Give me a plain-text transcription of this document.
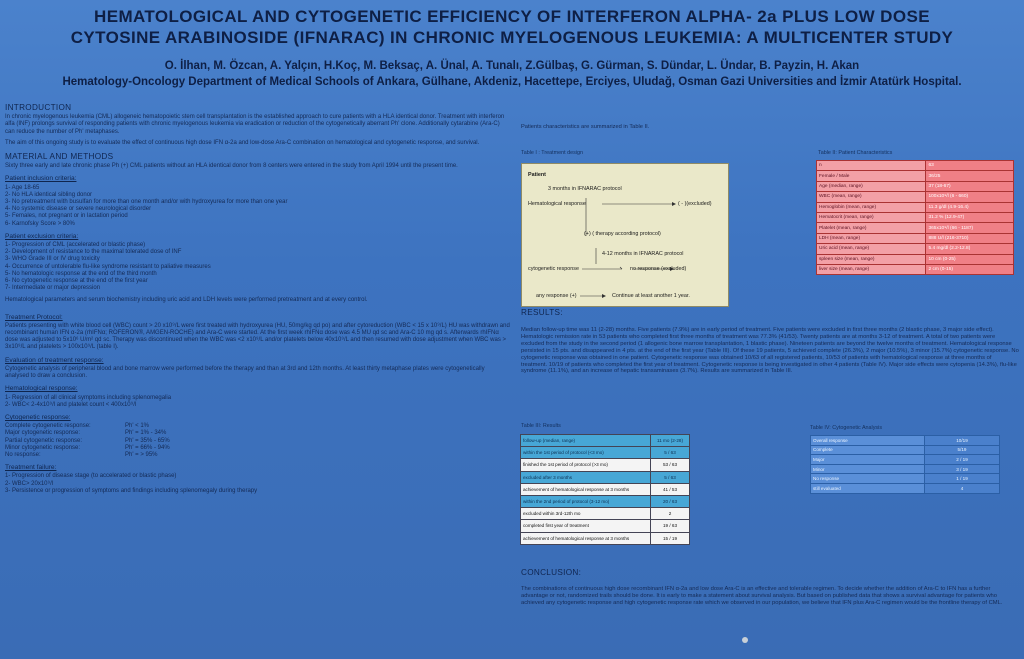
HEMATOLOGICAL AND CYTOGENETIC EFFICIENCY OF INTERFERON ALPHA- 2a PLUS LOW DOSE
CYTOSINE ARABINOSIDE (IFNARAC) IN CHRONIC MYELOGENOUS LEUKEMIA: A MULTICENTER STUDY
O. İlhan, M. Özcan, A. Yalçın, H.Koç, M. Beksaç, A. Ünal, A. Tunalı, Z.Gülbaş, G. Gürman, S. Dündar, L. Ündar, B. Payzin, H. Akan
Hematology-Oncology Department of Medical Schools of Ankara, Gülhane, Akdeniz, Hacettepe, Erciyes, Uludağ, Osman Gazi Universities and İzmir Atatürk Hospital.
INTRODUCTION
In chronic myelogenous leukemia (CML) allogeneic hematopoietic stem cell transplantation is the established approach to cure patients with a HLA identical donor. Treatment with interferon alfa (INF) prolongs survival of responding patients with chronic myelogenous leukemia via eradication or reduction of the cytogenetically aberrant Ph' clone. Additionally cytarabine (Ara-C) can reduce the number of Ph' metaphases.
The aim of this ongoing study is to evaluate the effect of continuous high dose IFN α-2a and low-dose Ara-C combination on hematological and cytogenetic response, and survival.
MATERIAL AND METHODS
Sixty three early and late chronic phase Ph (+) CML patients without an HLA identical donor from 8 centers were entered in the study from April 1994 until the present time.
Patient inclusion criteria:
1- Age 18-65
2- No HLA identical sibling donor
3- No pretreatment with busulfan for more than one month and/or with hydroxyurea for more than one year
4- No systemic disease or severe neurological disorder
5- Females, not pregnant or in lactation period
6- Karnofsky Score > 80%
Patient exclusion criteria:
1- Progression of CML (accelerated or blastic phase)
2- Development of resistance to the maximal tolerated dose of INF
3- WHO Grade III or IV drug toxicity
4- Occurrence of untolerable flu-like syndrome resistant to paliative measures
5- No hematologic response at the end of the third month
6- No cytogenetic response at the end of the first year
7- Intermediate or major depression
Hematological parameters and serum biochemistry including uric acid and LDH levels were performed pretreatment and at every control.
Treatment Protocol:
Patients presenting with white blood cell (WBC) count > 20 x10⁹/L were first treated with hydroxyurea (HU, 50mg/kg qd po) and after cytoreduction (WBC < 15 x 10⁹/L) HU was withdrawn and recombinant human IFN α-2a (rhIFNα; ROFERON®, AMGEN-ROCHE) and Ara-C were started. At the first week rhIFNα dose was 4.5 MU qd sc and Ara-C 10 mg qd s. Afterwards rhIFNα dose was adjusted to 5x10⁶ U/m² qd sc. Therapy was discontinued when the WBC was <2 x10⁹/L and/or platelets below 40x10⁹/L and then resumed with dose adjustment when WBC was > 3x10⁹/L and platelets > 100x10⁹/L (table I).
Evaluation of treatment response:
Cytogenetic analysis of peripheral blood and bone marrow were performed before the therapy and than at 3rd and 12th months. At least thirty metaphase plates were cytogenetically analysed to draw a conclusion.
Hematological response:
1- Regression of all clinical symptoms including splenomegalia
2- WBC< 2-4x10⁹/l and platelet count < 400x10⁹/l
Cytogenetic response:
Complete cytogenetic response:	Ph' < 1%
Major cytogenetic response:	Ph' = 1% - 34%
Partial cytogenetic response:	Ph' = 35% - 65%
Minor cytogenetic response:	Ph' = 66% - 94%
No response:	Ph' = > 95%
Treatment failure:
1- Progression of disease stage (to accelerated or blastic phase)
2- WBC> 20x10⁹/l
3- Persistence or progression of symptoms and findings including splenomegaly during therapy
Patients characteristics are summarized in Table II.
Table I : Treatment design	Table II: Patient Characteristics
Patient
3 months in IFNARAC protocol
Hematological response	( - )(excluded)
(+) ( therapy according protocol)
4-12 months in IFNARAC protocol
cytogenetic response	no response (excluded)
any response (+)	Continue at least another 1 year.
n	63
Female / Male	36/25
Age (median, range)	37 (18-67)
WBC (mean, range)	100x10⁹/l (6 - 660)
Hemoglobin (mean, range)	11.3 g/dl (4.9-16.4)
Hematocrit (mean, range)	31.2 % (12.9-47)
Platelet (mean, range)	365x10⁹/l (66 - 1187)
LDH (mean, range)	888 U/l (216-3710)
Uric acid (mean, range)	5.4 mg/dl (2.2-12.8)
spleen size (mean, range)	10 cm (0-25)
liver size (mean, range)	2 cm (0-15)
RESULTS:
Median follow-up time was 11 (2-28) months. Five patients (7.9%) are in early period of treatment. Five patients were excluded in first three months (2 blastic phase, 3 major side effect). Hematologic remission rate in 53 patients who completed first three months of treatment was 77.3% (41/53). Twenty patients are at months 3-12 of treatment. A total of two patients were excluded from the study in the second period (1 allogenic bone marrow transplantation, 1 blastic phase). Nineteen patients are beyond the twelve months of treatment. Hematological response persisted in 15 pts. and disappeared in 4 pts. at the end of the first year (Table III). Of these 19 patients, 5 achieved complete (26.3%), 2 major (10.5%), 3 minor (15.7%) cytogenetic response. No cytogenetic response was obtained in one patient. Cytogenetic response was obtained 10/63 of all registered patients, 10/53 of patients with hematological response at three months of treatment. 10/19 of patients who completed the first year of treatment. Cytogenetic response is being investigated in other 4 patients (Table IV). Major side effects were cytopenia (14.3%), flu-like syndrome (11.1%), and an increase of hepatic transaminases (3.7%). Results are summarized in Table III.
Table III: Results	Table IV: Cytogenetic Analysis
follow-up (median, range)	11 mo (2-28)
within the 1st period of protocol (<3 mo)	5 / 63
finished the 1st period of protocol (>3 mo)	53 / 63
excluded after 3 months	5 / 63
achievement of hematological response at 3 months	41 / 53
within the 2nd period of protocol (3-12 mo)	20 / 63
excluded within 3rd-12th mo	2
completed first year of treatment	19 / 63
achievement of hematological response at 3 months	15 / 19
Overall response	10/19
Complete	5/19
Major	2 / 19
Minor	3 / 19
No response	1 / 19
still evaluated	4
CONCLUSION:
The combinations of continuous high dose recombinant IFN α-2a and low dose Ara-C is an effective and tolerable regimen. To decide whether the addition of Ara-C to IFN has a further advantage or not, randomized trails should be done. It is early to make a statement about survival analysis. But based on published data that shows a survival advantage for patients who achieved any cytogenetic response and high cytogenetic response rate which we observed in our population, we believe that IFN plus Ara-C regimen would be the frontline therapy of CML.
